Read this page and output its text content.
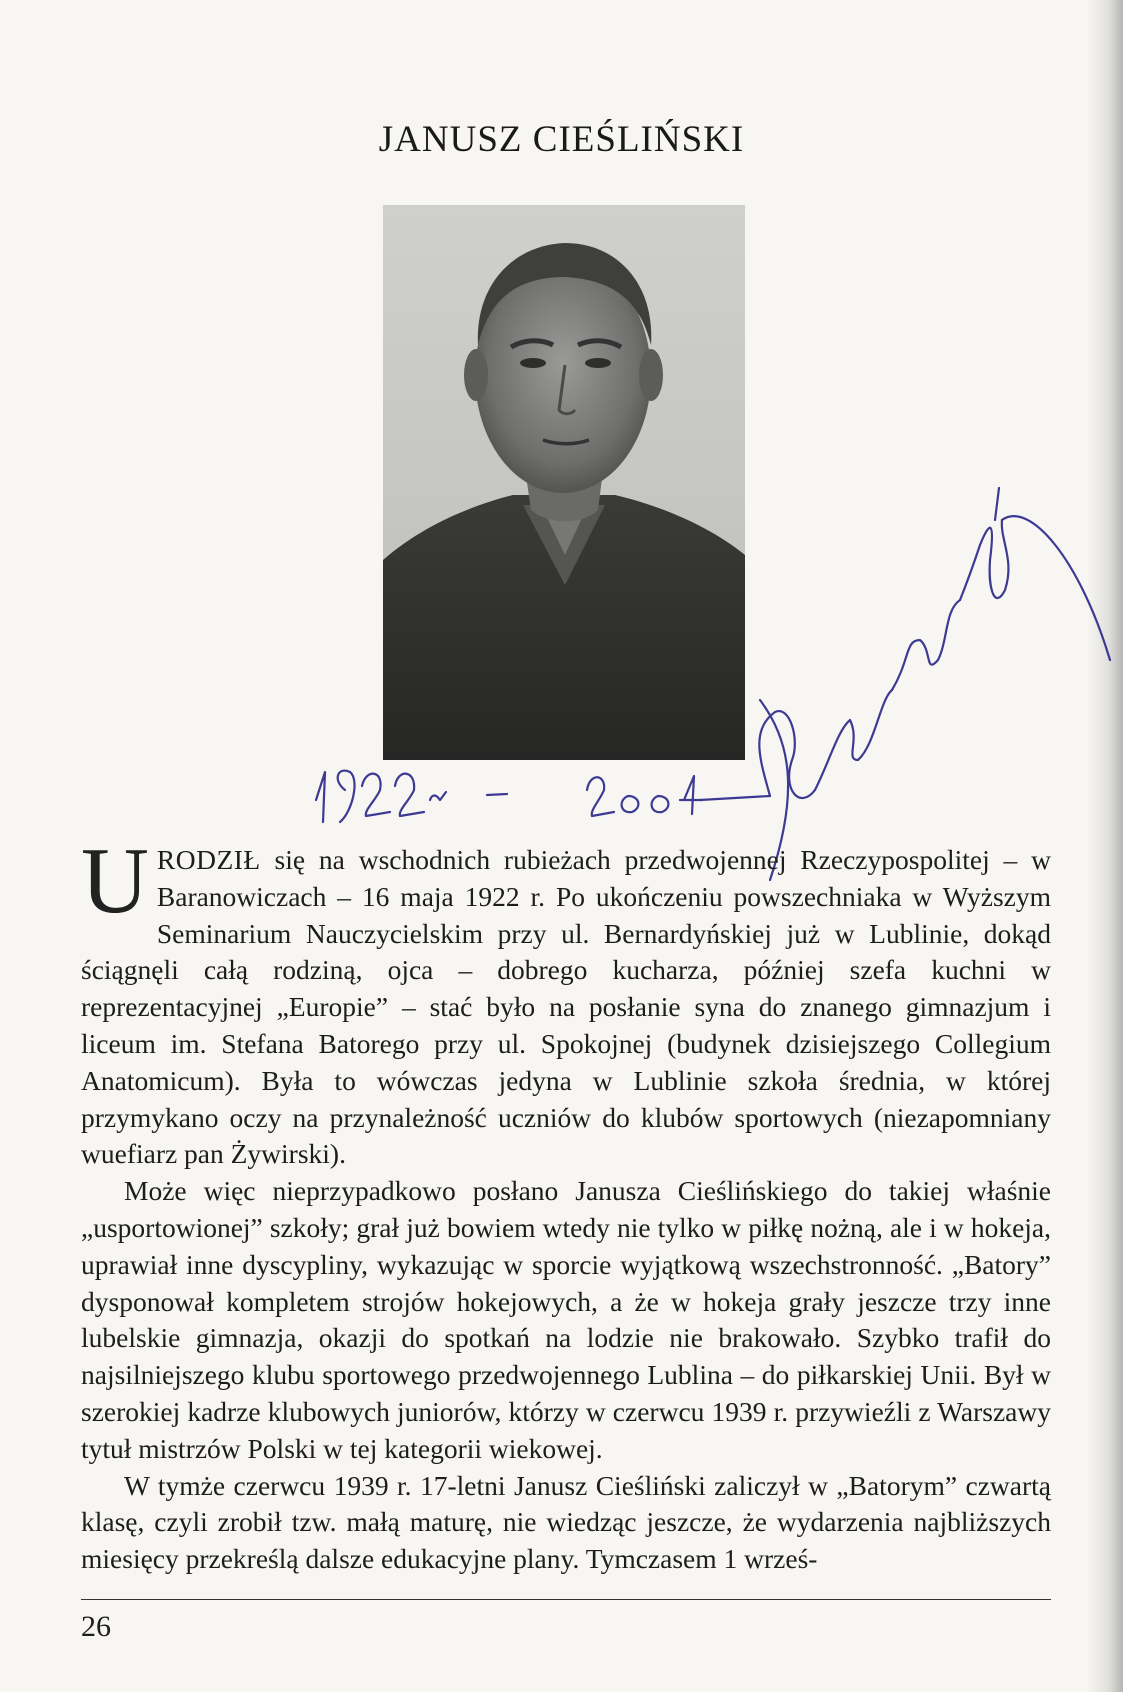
JANUSZ CIEŚLIŃSKI

URODZIŁ się na wschodnich rubieżach przedwojennej Rzeczypospolitej – w Baranowiczach – 16 maja 1922 r. Po ukończeniu powszechniaka w Wyższym Seminarium Nauczycielskim przy ul. Bernardyńskiej już w Lublinie, dokąd ściągnęli całą rodziną, ojca – dobrego kucharza, później szefa kuchni w reprezentacyjnej „Europie” – stać było na posłanie syna do znanego gimnazjum i liceum im. Stefana Batorego przy ul. Spokojnej (budynek dzisiejszego Collegium Anatomicum). Była to wówczas jedyna w Lublinie szkoła średnia, w której przymykano oczy na przynależność uczniów do klubów sportowych (niezapomniany wuefiarz pan Żywirski).

Może więc nieprzypadkowo posłano Janusza Cieślińskiego do takiej właśnie „usportowionej” szkoły; grał już bowiem wtedy nie tylko w piłkę nożną, ale i w hokeja, uprawiał inne dyscypliny, wykazując w sporcie wyjątkową wszechstronność. „Batory” dysponował kompletem strojów hokejowych, a że w hokeja grały jeszcze trzy inne lubelskie gimnazja, okazji do spotkań na lodzie nie brakowało. Szybko trafił do najsilniejszego klubu sportowego przedwojennego Lublina – do piłkarskiej Unii. Był w szerokiej kadrze klubowych juniorów, którzy w czerwcu 1939 r. przywieźli z Warszawy tytuł mistrzów Polski w tej kategorii wiekowej.

W tymże czerwcu 1939 r. 17-letni Janusz Cieśliński zaliczył w „Batorym” czwartą klasę, czyli zrobił tzw. małą maturę, nie wiedząc jeszcze, że wydarzenia najbliższych miesięcy przekreślą dalsze edukacyjne plany. Tymczasem 1 wrześ-

26
